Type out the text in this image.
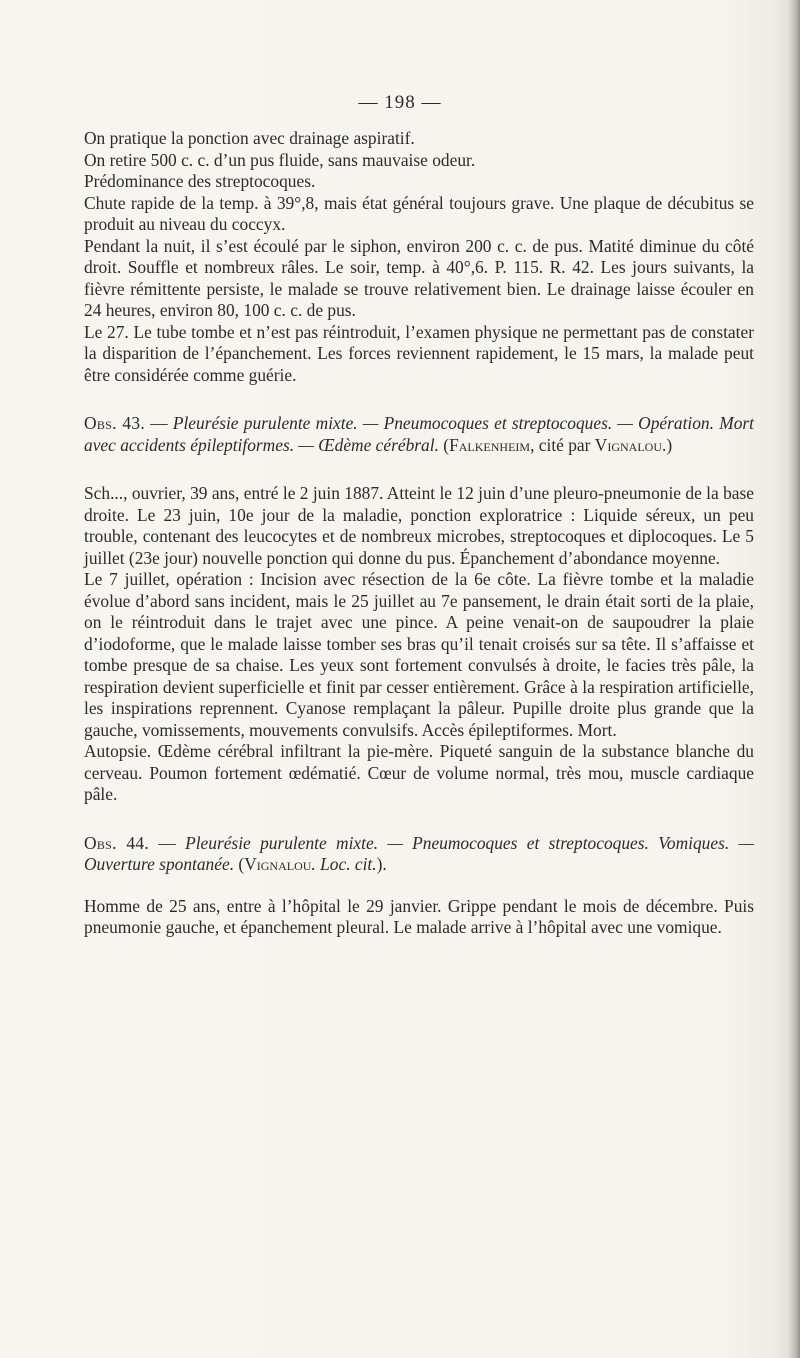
— 198 —

On pratique la ponction avec drainage aspiratif.

On retire 500 c. c. d’un pus fluide, sans mauvaise odeur.

Prédominance des streptocoques.

Chute rapide de la temp. à 39°,8, mais état général toujours grave. Une plaque de décubitus se produit au niveau du coccyx.

Pendant la nuit, il s’est écoulé par le siphon, environ 200 c. c. de pus. Matité diminue du côté droit. Souffle et nombreux râles. Le soir, temp. à 40°,6. P. 115. R. 42. Les jours suivants, la fièvre rémittente persiste, le malade se trouve relativement bien. Le drainage laisse écouler en 24 heures, environ 80, 100 c. c. de pus.

Le 27. Le tube tombe et n’est pas réintroduit, l’examen physique ne permettant pas de constater la disparition de l’épanchement. Les forces reviennent rapidement, le 15 mars, la malade peut être considérée comme guérie.

Obs. 43. — Pleurésie purulente mixte. — Pneumocoques et streptocoques. — Opération. Mort avec accidents épileptiformes. — Œdème cérébral. (Falkenheim, cité par Vignalou.)

Sch..., ouvrier, 39 ans, entré le 2 juin 1887. Atteint le 12 juin d’une pleuro-pneumonie de la base droite. Le 23 juin, 10e jour de la maladie, ponction exploratrice : Liquide séreux, un peu trouble, contenant des leucocytes et de nombreux microbes, streptocoques et diplocoques. Le 5 juillet (23e jour) nouvelle ponction qui donne du pus. Épanchement d’abondance moyenne.

Le 7 juillet, opération : Incision avec résection de la 6e côte. La fièvre tombe et la maladie évolue d’abord sans incident, mais le 25 juillet au 7e pansement, le drain était sorti de la plaie, on le réintroduit dans le trajet avec une pince. A peine venait-on de saupoudrer la plaie d’iodoforme, que le malade laisse tomber ses bras qu’il tenait croisés sur sa tête. Il s’affaisse et tombe presque de sa chaise. Les yeux sont fortement convulsés à droite, le facies très pâle, la respiration devient superficielle et finit par cesser entièrement. Grâce à la respiration artificielle, les inspirations reprennent. Cyanose remplaçant la pâleur. Pupille droite plus grande que la gauche, vomissements, mouvements convulsifs. Accès épileptiformes. Mort.

Autopsie. Œdème cérébral infiltrant la pie-mère. Piqueté sanguin de la substance blanche du cerveau. Poumon fortement œdématié. Cœur de volume normal, très mou, muscle cardiaque pâle.

Obs. 44. — Pleurésie purulente mixte. — Pneumocoques et streptocoques. Vomiques. — Ouverture spontanée. (Vignalou. Loc. cit.).

Homme de 25 ans, entre à l’hôpital le 29 janvier. Grippe pendant le mois de décembre. Puis pneumonie gauche, et épanchement pleural. Le malade arrive à l’hôpital avec une vomique.
